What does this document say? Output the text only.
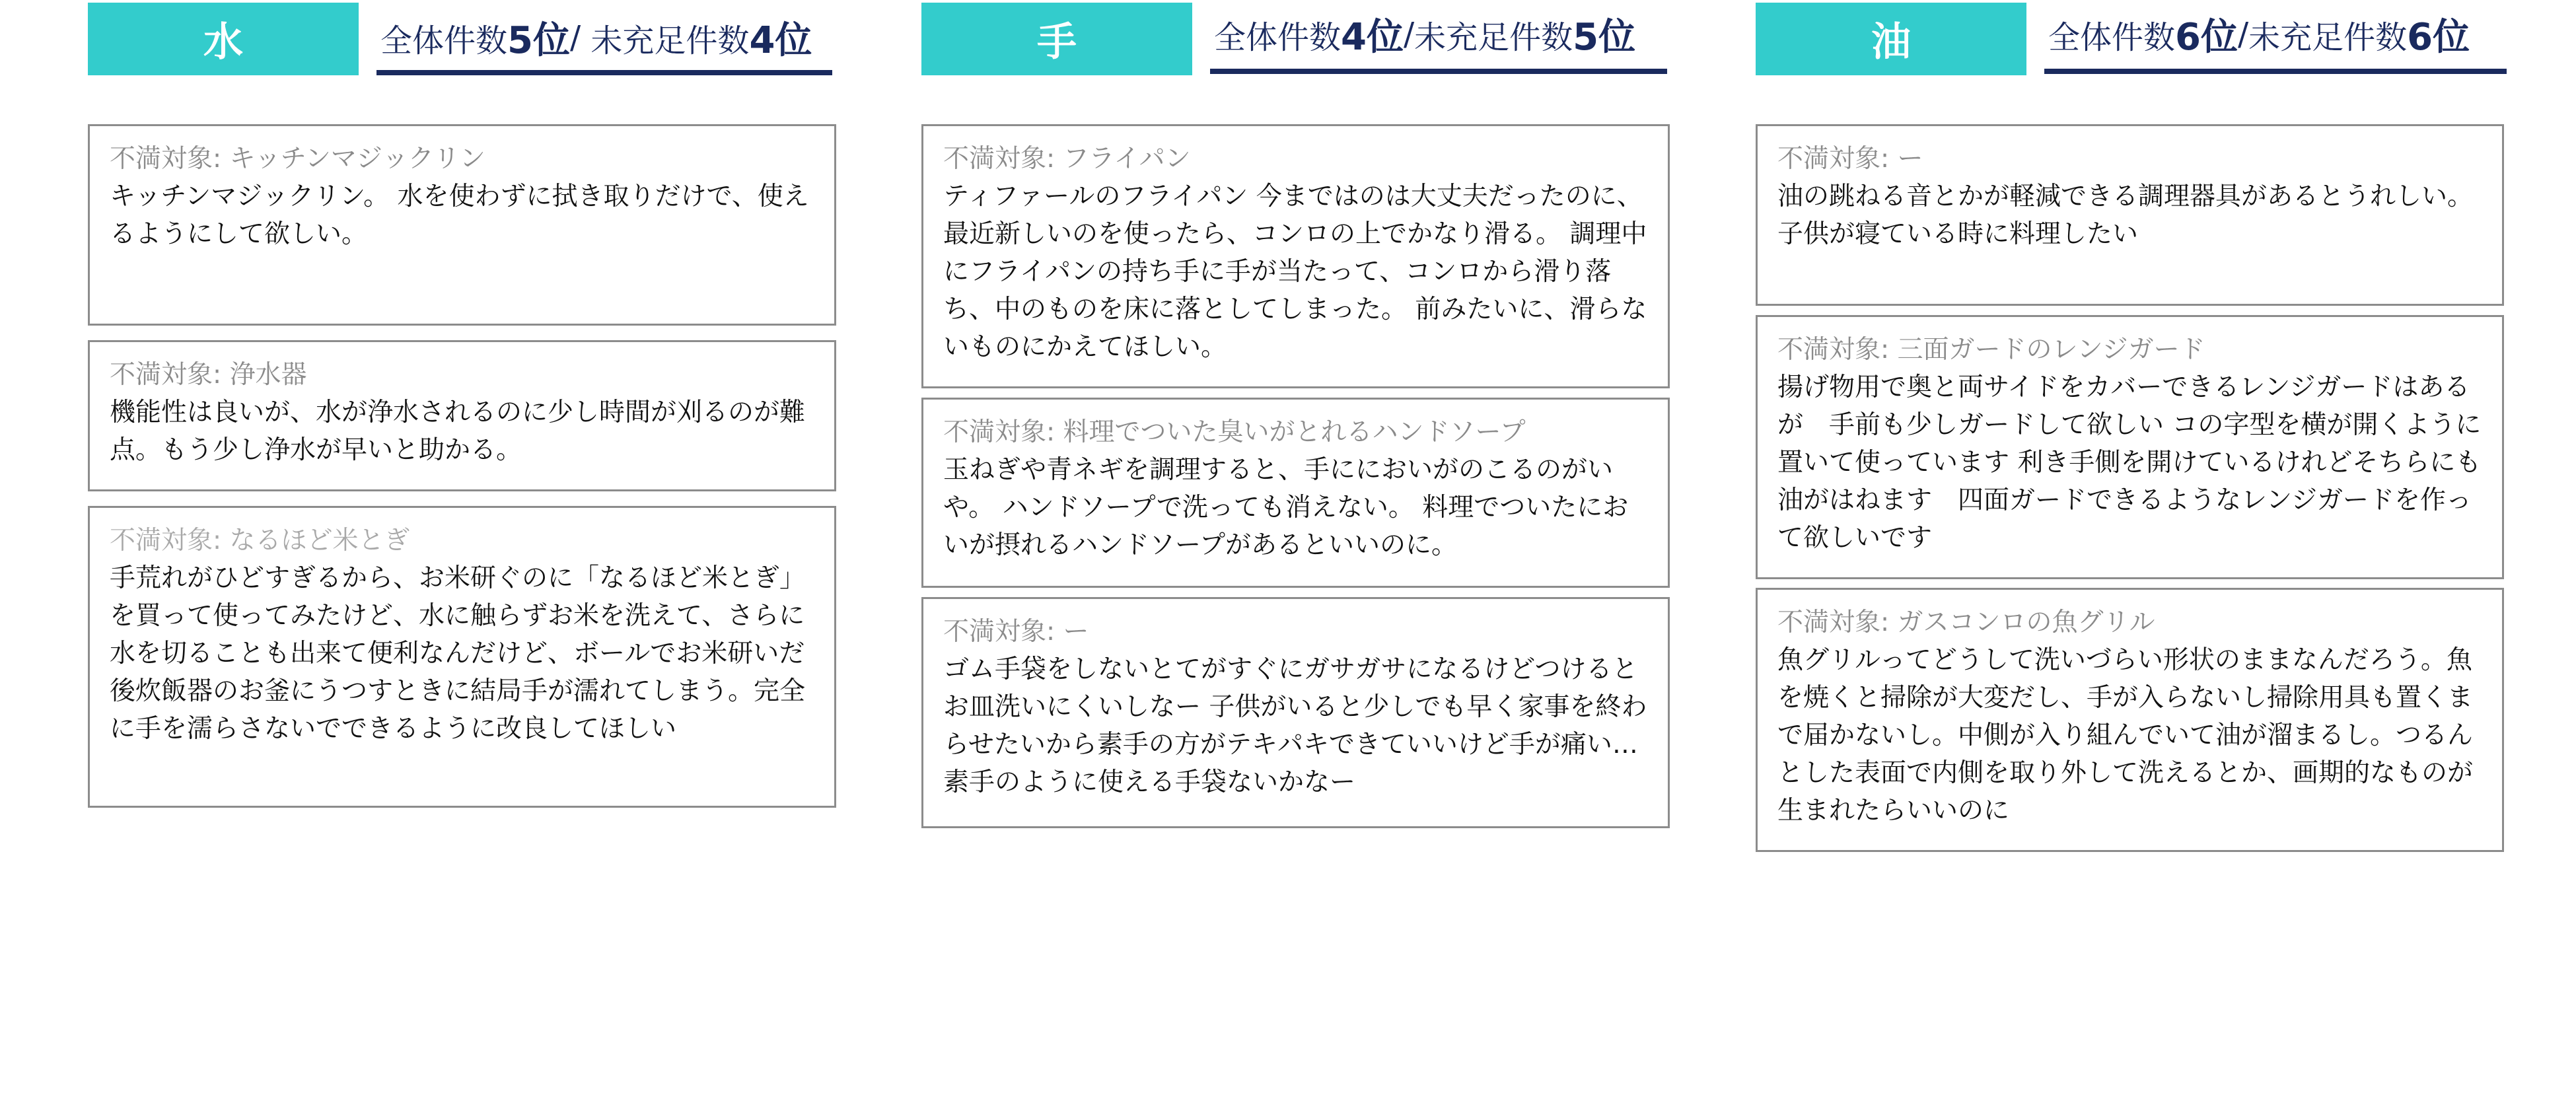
水	全体件数 5位 /
未充足件数 4位
不満対象: キッチンマジックリン
キッチンマジックリン。 水を使わずに拭き取りだけで、使えるようにして欲しい。
不満対象: 浄水器
機能性は良いが、水が浄水されるのに少し時間が刈るのが難点。もう少し浄水が早いと助かる。
不満対象: なるほど米とぎ
手荒れがひどすぎるから、お米研ぐのに「なるほど米とぎ」を買って使ってみたけど、水に触らずお米を洗えて、さらに水を切ることも出来て便利なんだけど、ボールでお米研いだ後炊飯器のお釜にうつすときに結局手が濡れてしまう。完全に手を濡らさないでできるように改良してほしい
手	全体件数 4位 / 未充足件数 5位
不満対象: フライパン
ティファールのフライパン 今まではのは大丈夫だったのに、最近新しいのを使ったら、コンロの上でかなり滑る。 調理中にフライパンの持ち手に手が当たって、コンロから滑り落ち、中のものを床に落としてしまった。 前みたいに、滑らないものにかえてほしい。
不満対象: 料理でついた臭いがとれるハンドソープ
玉ねぎや青ネギを調理すると、手ににおいがのこるのがいや。 ハンドソープで洗っても消えない。 料理でついたにおいが摂れるハンドソープがあるといいのに。
不満対象: ー
ゴム手袋をしないとてがすぐにガサガサになるけどつけるとお皿洗いにくいしなー 子供がいると少しでも早く家事を終わらせたいから素手の方がテキパキできていいけど手が痛い… 素手のように使える手袋ないかなー
油	全体件数 6位 / 未充足件数 6位
不満対象: ー
油の跳ねる音とかが軽減できる調理器具があるとうれしい。 子供が寝ている時に料理したい
不満対象: 三面ガードのレンジガード
揚げ物用で奥と両サイドをカバーできるレンジガードはあるが　手前も少しガードして欲しい コの字型を横が開くように置いて使っています 利き手側を開けているけれどそちらにも油がはねます　四面ガードできるようなレンジガードを作って欲しいです
不満対象: ガスコンロの魚グリル
魚グリルってどうして洗いづらい形状のままなんだろう。魚を焼くと掃除が大変だし、手が入らないし掃除用具も置くまで届かないし。中側が入り組んでいて油が溜まるし。つるんとした表面で内側を取り外して洗えるとか、画期的なものが生まれたらいいのに
